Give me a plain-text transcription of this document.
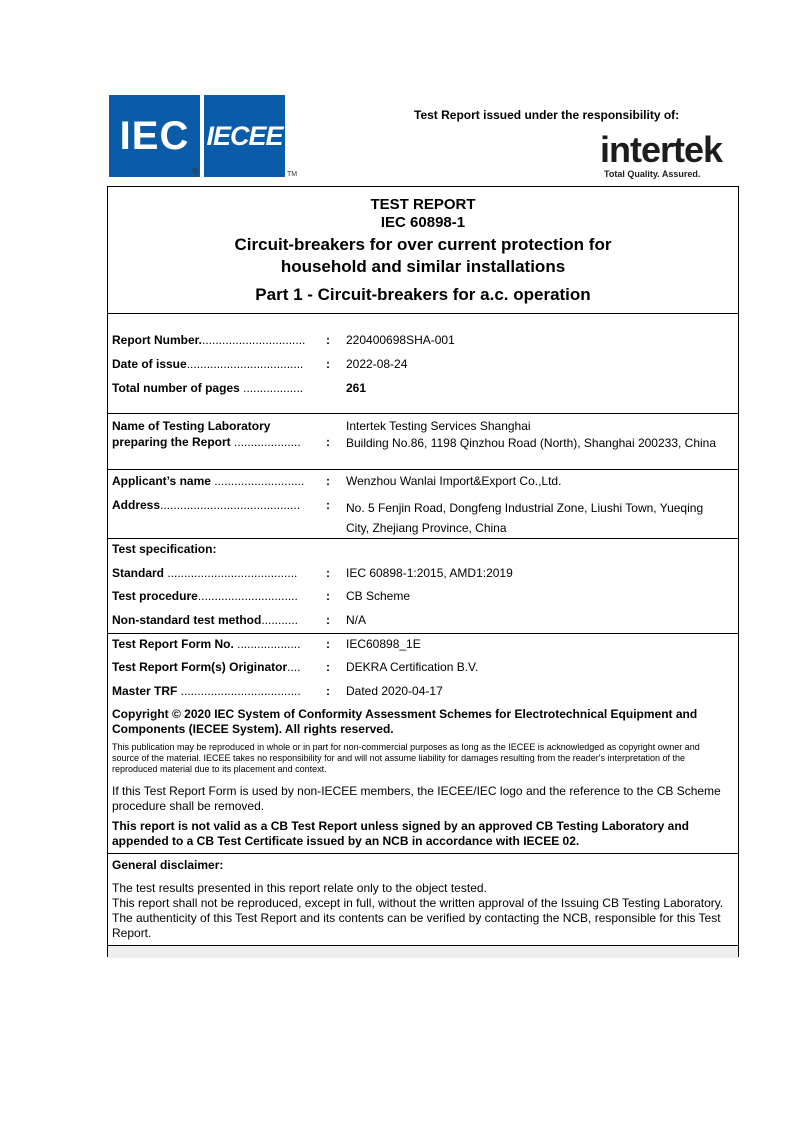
IEC IECEE
®	TM
Test Report issued under the responsibility of:
intertek
Total Quality. Assured.
TEST REPORT
IEC 60898-1
Circuit-breakers for over current protection for household and similar installations
Part 1 - Circuit-breakers for a.c. operation
Report Number................................ : 220400698SHA-001
Date of issue................................... : 2022-08-24
Total number of pages ..................	261
Name of Testing Laboratory
preparing the Report .................... :
Intertek Testing Services Shanghai
Building No.86, 1198 Qinzhou Road (North), Shanghai 200233, China
Applicant’s name ........................... : Wenzhou Wanlai Import&Export Co.,Ltd.
Address.......................................... : No. 5 Fenjin Road, Dongfeng Industrial Zone, Liushi Town, Yueqing City, Zhejiang Province, China
Test specification:
Standard ....................................... : IEC 60898-1:2015, AMD1:2019
Test procedure.............................. : CB Scheme
Non-standard test method........... : N/A
Test Report Form No. ................... : IEC60898_1E
Test Report Form(s) Originator.... : DEKRA Certification B.V.
Master TRF .................................... : Dated 2020-04-17
Copyright © 2020 IEC System of Conformity Assessment Schemes for Electrotechnical Equipment and Components (IECEE System). All rights reserved.
This publication may be reproduced in whole or in part for non-commercial purposes as long as the IECEE is acknowledged as copyright owner and source of the material. IECEE takes no responsibility for and will not assume liability for damages resulting from the reader's interpretation of the reproduced material due to its placement and context.
If this Test Report Form is used by non-IECEE members, the IECEE/IEC logo and the reference to the CB Scheme procedure shall be removed.
This report is not valid as a CB Test Report unless signed by an approved CB Testing Laboratory and appended to a CB Test Certificate issued by an NCB in accordance with IECEE 02.
General disclaimer:
The test results presented in this report relate only to the object tested.
This report shall not be reproduced, except in full, without the written approval of the Issuing CB Testing Laboratory. The authenticity of this Test Report and its contents can be verified by contacting the NCB, responsible for this Test Report.
